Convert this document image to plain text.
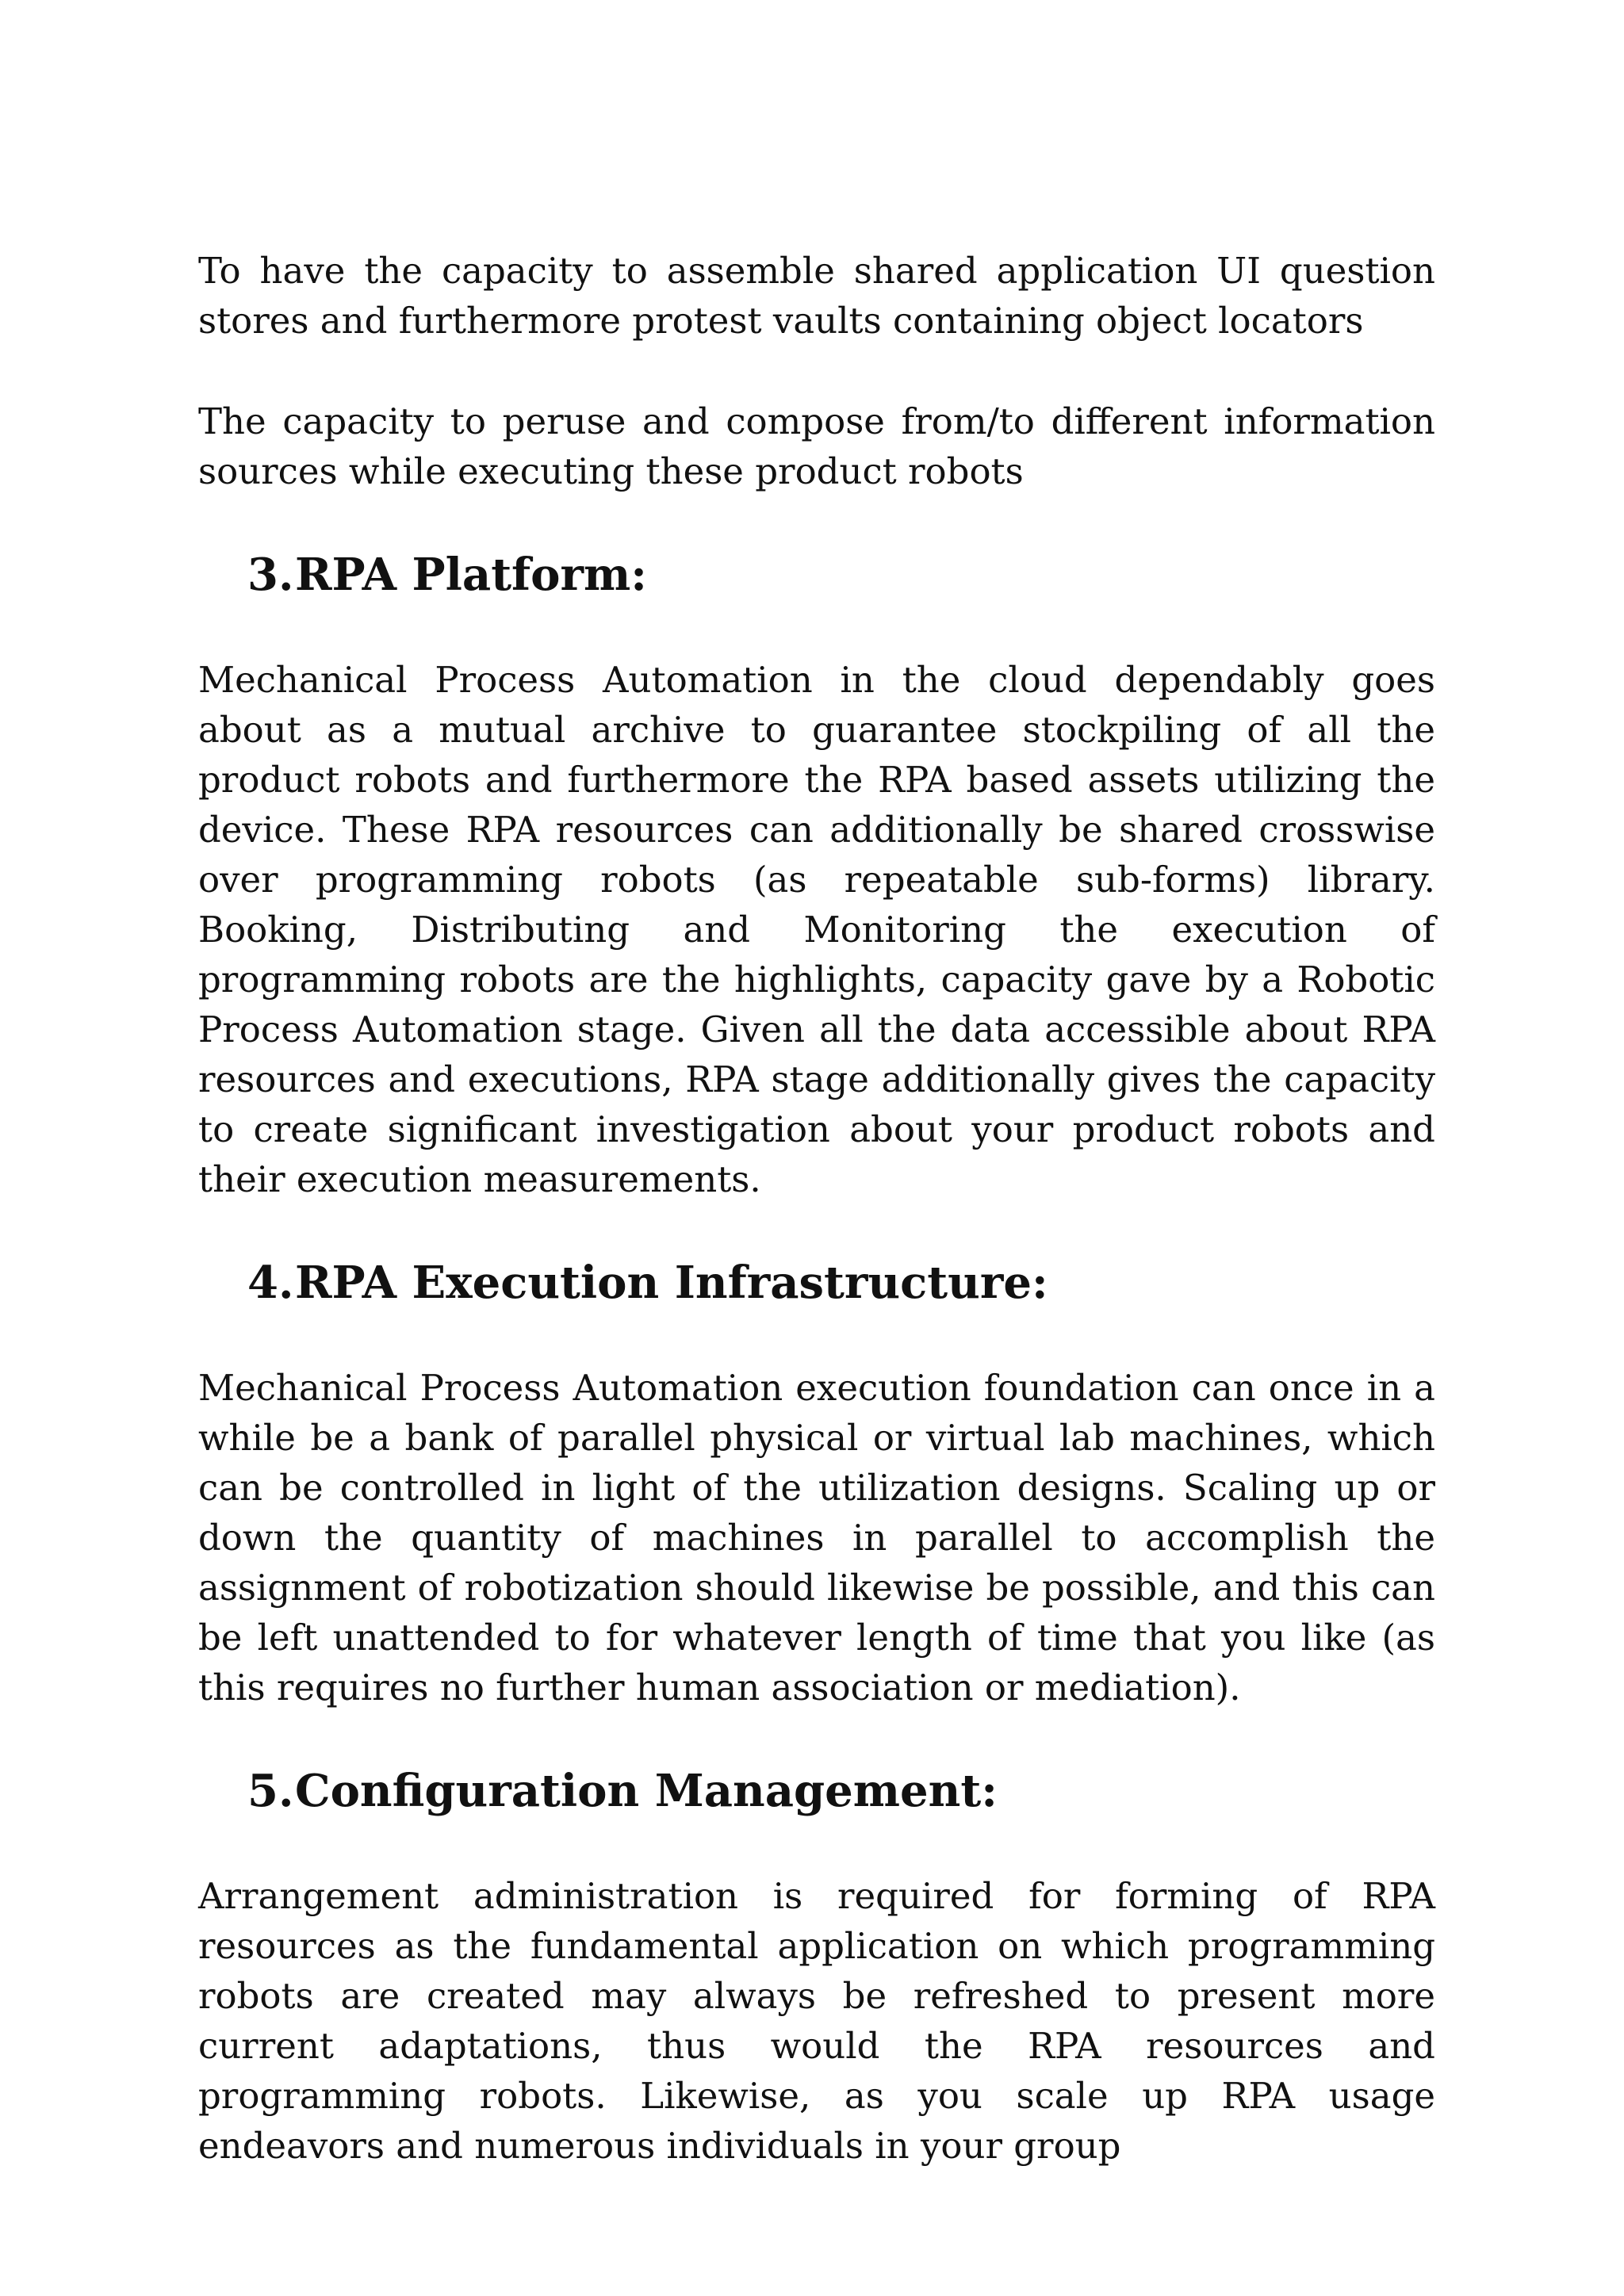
To have the capacity to assemble shared application UI question stores and furthermore protest vaults containing object locators

The capacity to peruse and compose from/to different information sources while executing these product robots

3. RPA Platform:

Mechanical Process Automation in the cloud dependably goes about as a mutual archive to guarantee stockpiling of all the product robots and furthermore the RPA based assets utilizing the device. These RPA resources can additionally be shared crosswise over programming robots (as repeatable sub-forms) library. Booking, Distributing and Monitoring the execution of programming robots are the highlights, capacity gave by a Robotic Process Automation stage. Given all the data accessible about RPA resources and executions, RPA stage additionally gives the capacity to create significant investigation about your product robots and their execution measurements.

4. RPA Execution Infrastructure:

Mechanical Process Automation execution foundation can once in a while be a bank of parallel physical or virtual lab machines, which can be controlled in light of the utilization designs. Scaling up or down the quantity of machines in parallel to accomplish the assignment of robotization should likewise be possible, and this can be left unattended to for whatever length of time that you like (as this requires no further human association or mediation).

5. Configuration Management:

Arrangement administration is required for forming of RPA resources as the fundamental application on which programming robots are created may always be refreshed to present more current adaptations, thus would the RPA resources and programming robots. Likewise, as you scale up RPA usage endeavors and numerous individuals in your group
